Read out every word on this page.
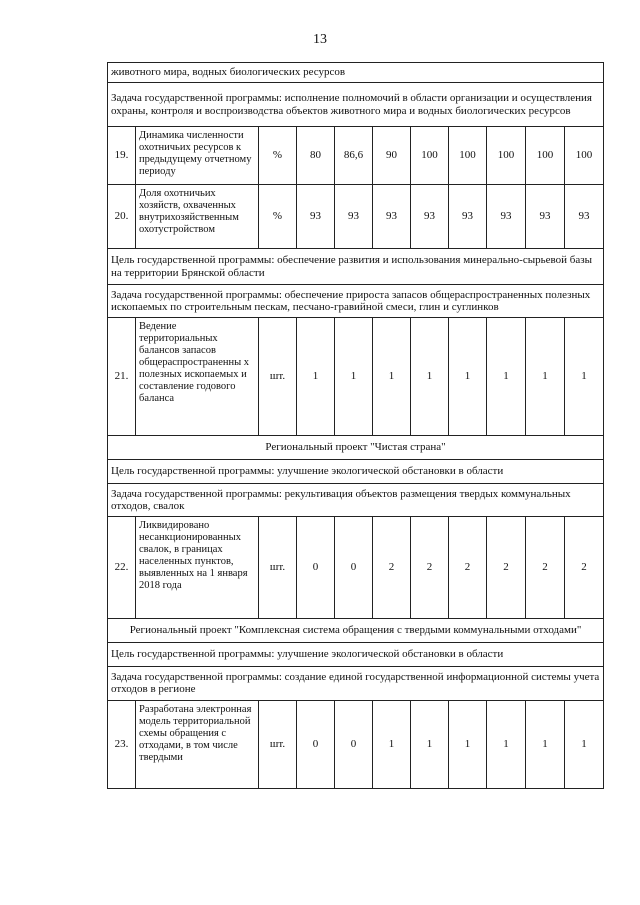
13
животного мира, водных биологических ресурсов										
Задача государственной программы: исполнение полномочий в области организации и осуществления охраны, контроля и воспроизводства объектов животного мира и водных биологических ресурсов										
19.	Динамика численности охотничьих ресурсов к предыдущему отчетному периоду	%	80	86,6	90	100	100	100	100	100
20.	Доля охотничьих хозяйств, охваченных внутрихозяйственным охотустройством	%	93	93	93	93	93	93	93	93
Цель государственной программы: обеспечение развития и использования минерально-сырьевой базы на территории Брянской области										
Задача государственной программы: обеспечение прироста запасов общераспространенных полезных ископаемых по строительным пескам, песчано-гравийной смеси, глин и суглинков										
21.	Ведение территориальных балансов запасов общераспространенны х полезных ископаемых и составление годового баланса	шт.	1	1	1	1	1	1	1	1
Региональный проект "Чистая страна"										
Цель государственной программы: улучшение экологической обстановки в области										
Задача государственной программы: рекультивация объектов размещения твердых коммунальных отходов, свалок										
22.	Ликвидировано несанкционированных свалок, в границах населенных пунктов, выявленных на 1 января 2018 года	шт.	0	0	2	2	2	2	2	2
Региональный проект "Комплексная система обращения с твердыми коммунальными отходами"										
Цель государственной программы: улучшение экологической обстановки в области										
Задача государственной программы: создание единой государственной информационной системы учета отходов в регионе										
23.	Разработана электронная модель территориальной схемы обращения с отходами, в том числе твердыми	шт.	0	0	1	1	1	1	1	1
